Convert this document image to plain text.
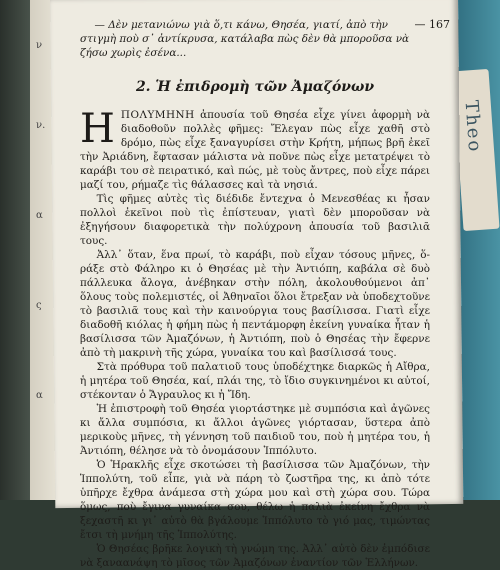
ν
ν.
α
ς
α
Theo
— 167

— Δὲν μετανιώνω γιὰ ὅ,τι κάνω, Θησέα, γιατί, ἀπὸ τὴν

στιγμὴ ποὺ σ᾽ ἀντίκρυσα, κατάλαβα πὼς δὲν θὰ μποροῦσα νὰ ζήσω χωρὶς ἐσένα...

2. Ἡ ἐπιδρομὴ τῶν Ἀμαζόνων

Η ΠΟΛΥΜΗΝΗ ἀπουσία τοῦ Θησέα εἶχε γίνει ἀφορμὴ νὰ διαδοθοῦν πολλὲς φῆμες: Ἔλεγαν πὼς εἶχε χαθῆ στὸ δρόμο, πὼς εἶχε ξαναγυρίσει στὴν Κρήτη, μήπως βρῆ ἐκεῖ τὴν Ἀριάδνη, ἔφτασαν μάλιστα νὰ ποῦνε πὼς εἶχε μετατρέψει τὸ καράβι του σὲ πειρατικό, καὶ πώς, μὲ τοὺς ἄντρες, ποὺ εἶχε πάρει μαζί του, ρήμαζε τὶς θάλασσες καὶ τὰ νησιά.

Τὶς φῆμες αὐτὲς τὶς διέδιδε ἔντεχνα ὁ Μενεσθέας κι ἦσαν πολλοὶ ἐκεῖνοι ποὺ τὶς ἐπίστευαν, γιατὶ δὲν μποροῦσαν νὰ ἐξηγήσουν διαφορετικὰ τὴν πολύχρονη ἀπουσία τοῦ βασιλιᾶ τους.

Ἀλλ᾽ ὅταν, ἕνα πρωί, τὸ καράβι, ποὺ εἶχαν τόσους μῆνες, ὅ-ράξε στὸ Φάληρο κι ὁ Θησέας μὲ τὴν Ἀντιόπη, καβάλα σὲ δυὸ πάλλευκα ἄλογα, ἀνέβηκαν στὴν πόλη, ἀκολουθούμενοι ἀπ᾽ ὅλους τοὺς πολεμιστές, οἱ Ἀθηναῖοι ὅλοι ἔτρεξαν νὰ ὑποδεχτοῦνε τὸ βασιλιᾶ τους καὶ τὴν καινούργια τους βασίλισσα. Γιατὶ εἶχε διαδοθῆ κιόλας ἡ φήμη πὼς ἡ πεντάμορφη ἐκείνη γυναίκα ἦταν ἡ βασίλισσα τῶν Ἀμαζόνων, ἡ Ἀντιόπη, ποὺ ὁ Θησέας τὴν ἔφερνε ἀπὸ τὴ μακρινὴ τῆς χώρα, γυναίκα του καὶ βασίλισσά τους.

Στὰ πρόθυρα τοῦ παλατιοῦ τους ὑποδέχτηκε διαρκῶς ἡ Αἴθρα, ἡ μητέρα τοῦ Θησέα, καί, πλάι της, τὸ ἴδιο συγκινημένοι κι αὐτοί, στέκονταν ὁ Ἄγραυλος κι ἡ Ἴδη.

Ἡ ἐπιστροφὴ τοῦ Θησέα γιορτάστηκε μὲ συμπόσια καὶ ἀγῶνες κι ἄλλα συμπόσια, κι ἄλλοι ἀγῶνες γιόρτασαν, ὕστερα ἀπὸ μερικοὺς μῆνες, τὴ γέννηση τοῦ παιδιοῦ του, ποὺ ἡ μητέρα του, ἡ Ἀντιόπη, θέλησε νὰ τὸ ὀνομάσουν Ἱππόλυτο.

Ὁ Ἡρακλῆς εἶχε σκοτώσει τὴ βασίλισσα τῶν Ἀμαζόνων, τὴν Ἱππολύτη, τοῦ εἶπε, γιὰ νὰ πάρη τὸ ζωστῆρα της, κι ἀπὸ τότε ὑπῆρχε ἔχθρα ἀνάμεσα στὴ χώρα μου καὶ στὴ χώρα σου. Τώρα ὅμως, ποὺ ἔγινα γυναίκα σου, θέλω ἡ παλιὰ ἐκείνη ἔχθρα νὰ ξεχαστῆ κι γι᾽ αὐτὸ θὰ βγάλουμε Ἱππόλυτο τὸ γιό μας, τιμώντας ἔτσι τὴ μνήμη τῆς Ἱππολύτης.

Ὁ Θησέας βρῆκε λογικὴ τὴ γνώμη της. Ἀλλ᾽ αὐτὸ δὲν ἐμπόδισε νὰ ξαναανάψη τὸ μῖσος τῶν Ἀμαζόνων ἐναντίον τῶν Ἑλλήνων.
